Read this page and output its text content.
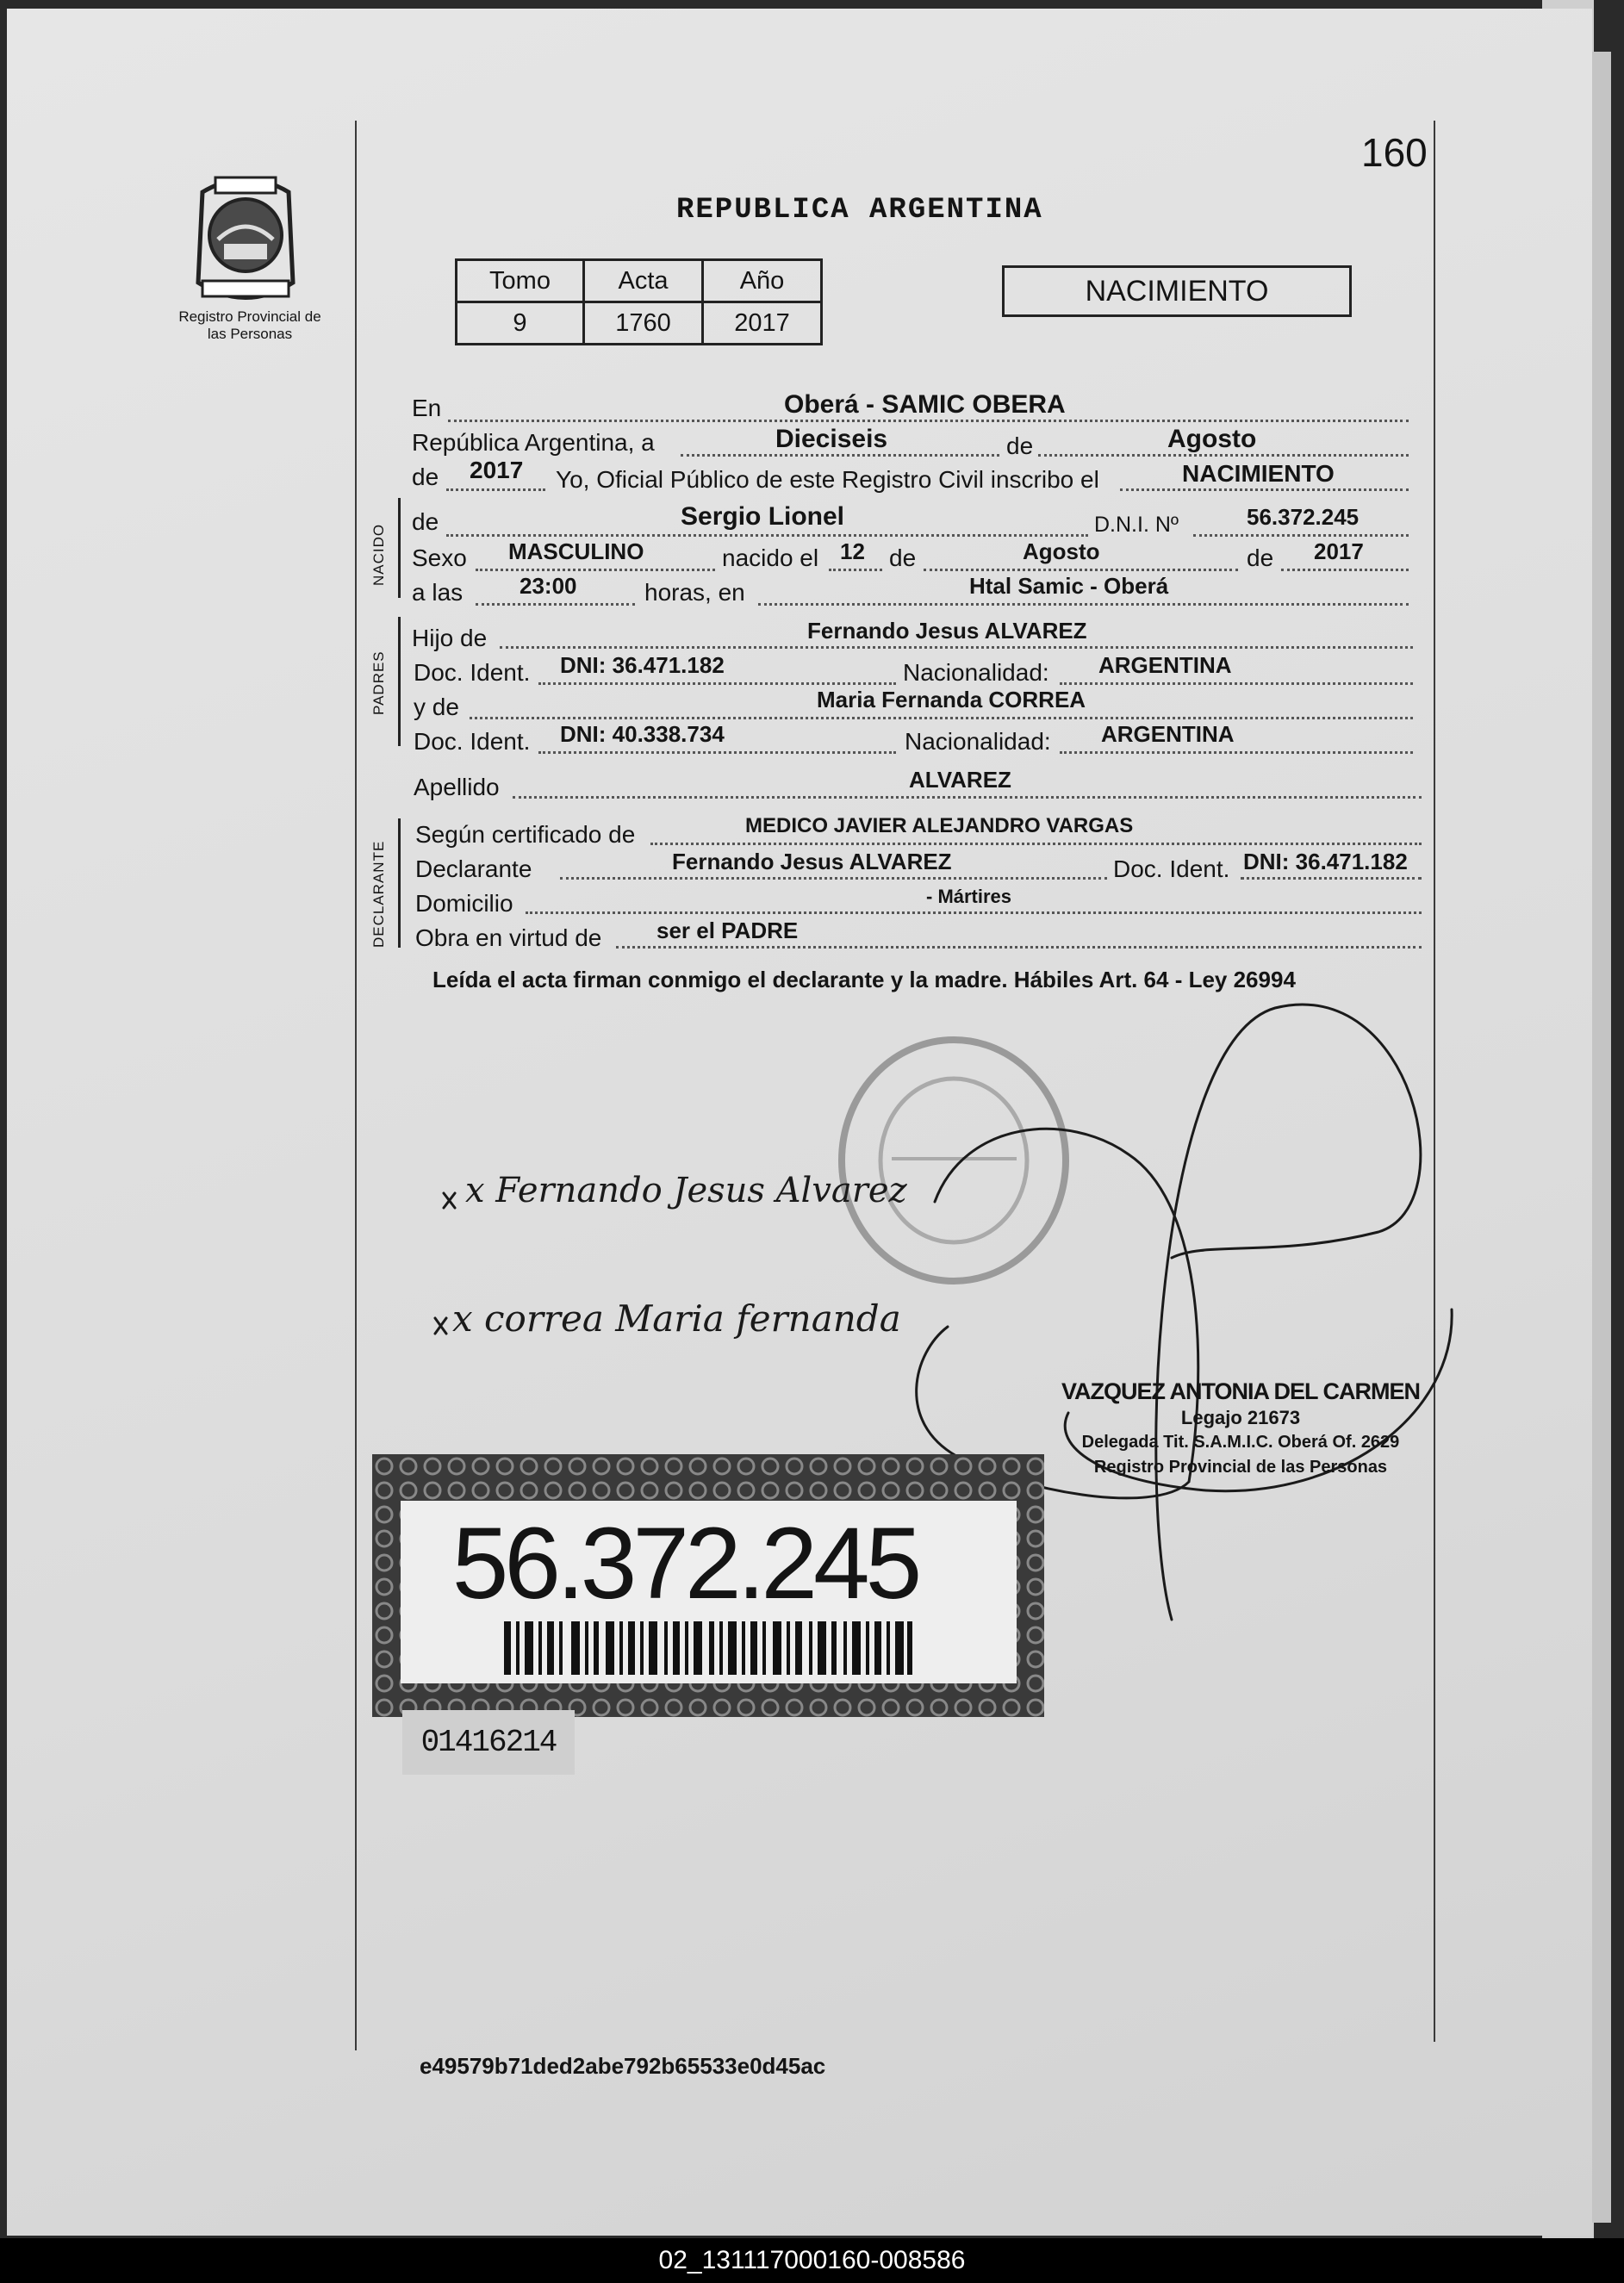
160
REPUBLICA ARGENTINA
Registro Provincial de las Personas
Tomo	Acta	Año
9	1760	2017
NACIMIENTO
En	Oberá - SAMIC OBERA
República Argentina, a	Dieciseis	de	Agosto
de 2017 Yo, Oficial Público de este Registro Civil inscribo el	NACIMIENTO
NACIDO
de	Sergio Lionel	D.N.I. Nº	56.372.245
Sexo MASCULINO	nacido el 12 de	Agosto	de 2017
a las	23:00	horas, en	Htal Samic - Oberá
PADRES
Hijo de	Fernando Jesus ALVAREZ
Doc. Ident. DNI: 36.471.182	Nacionalidad: ARGENTINA
y de	Maria Fernanda CORREA
Doc. Ident. DNI: 40.338.734	Nacionalidad: ARGENTINA
Apellido	ALVAREZ
DECLARANTE
Según certificado de	MEDICO JAVIER ALEJANDRO VARGAS
Declarante	Fernando Jesus ALVAREZ	Doc. Ident. DNI: 36.471.182
Domicilio	- Mártires
Obra en virtud de ser el PADRE
Leída el acta firman conmigo el declarante y la madre. Hábiles Art. 64 - Ley 26994
x Fernando Jesus Alvarez
x correa Maria fernanda
VAZQUEZ ANTONIA DEL CARMEN
Legajo 21673
Delegada Tit. S.A.M.I.C. Oberá Of. 2629
Registro Provincial de las Personas
56.372.245
01416214
e49579b71ded2abe792b65533e0d45ac
02_131117000160-008586
